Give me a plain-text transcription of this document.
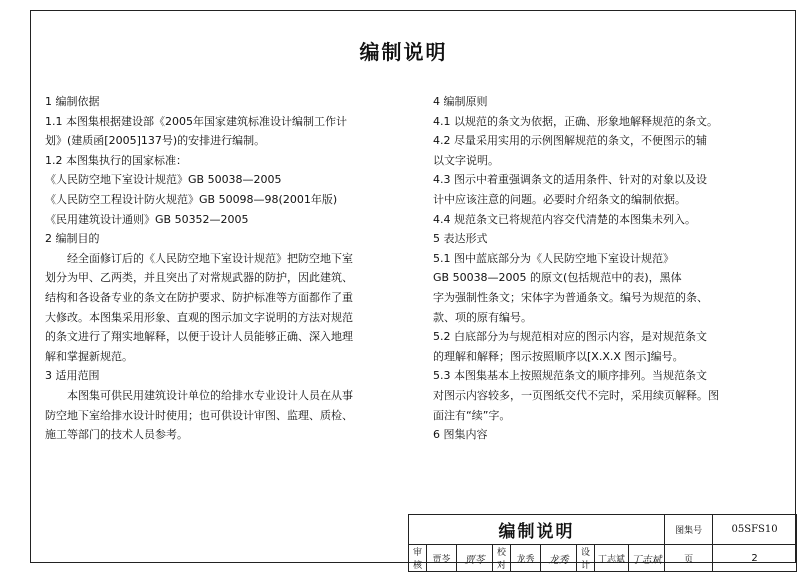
编制说明

1 编制依据

1.1 本图集根据建设部《2005年国家建筑标准设计编制工作计

划》(建质函[2005]137号)的安排进行编制。

1.2 本图集执行的国家标准：

《人民防空地下室设计规范》GB 50038—2005

《人民防空工程设计防火规范》GB 50098—98(2001年版)

《民用建筑设计通则》GB 50352—2005

2 编制目的

经全面修订后的《人民防空地下室设计规范》把防空地下室

划分为甲、乙两类，并且突出了对常规武器的防护，因此建筑、

结构和各设备专业的条文在防护要求、防护标准等方面都作了重

大修改。本图集采用形象、直观的图示加文字说明的方法对规范

的条文进行了翔实地解释，以便于设计人员能够正确、深入地理

解和掌握新规范。

3 适用范围

本图集可供民用建筑设计单位的给排水专业设计人员在从事

防空地下室给排水设计时使用；也可供设计审图、监理、质检、

施工等部门的技术人员参考。

4 编制原则

4.1 以规范的条文为依据，正确、形象地解释规范的条文。

4.2 尽量采用实用的示例图解规范的条文，不便图示的辅

以文字说明。

4.3 图示中着重强调条文的适用条件、针对的对象以及设

计中应该注意的问题。必要时介绍条文的编制依据。

4.4 规范条文已将规范内容交代清楚的本图集未列入。

5 表达形式

5.1 图中蓝底部分为《人民防空地下室设计规范》

GB 50038—2005 的原文(包括规范中的表)，黑体

字为强制性条文；宋体字为普通条文。编号为规范的条、

款、项的原有编号。

5.2 白底部分为与规范相对应的图示内容，是对规范条文

的理解和解释；图示按照顺序以[X.X.X 图示]编号。

5.3 本图集基本上按照规范条文的顺序排列。当规范条文

对图示内容较多，一页图纸交代不完时，采用续页解释。图

面注有“续”字。

6 图集内容

编制说明									图集号	05SFS10
审核	贾苓	贾苓	校对	龙秀	龙秀	设计	丁志斌	丁志斌	页	2
